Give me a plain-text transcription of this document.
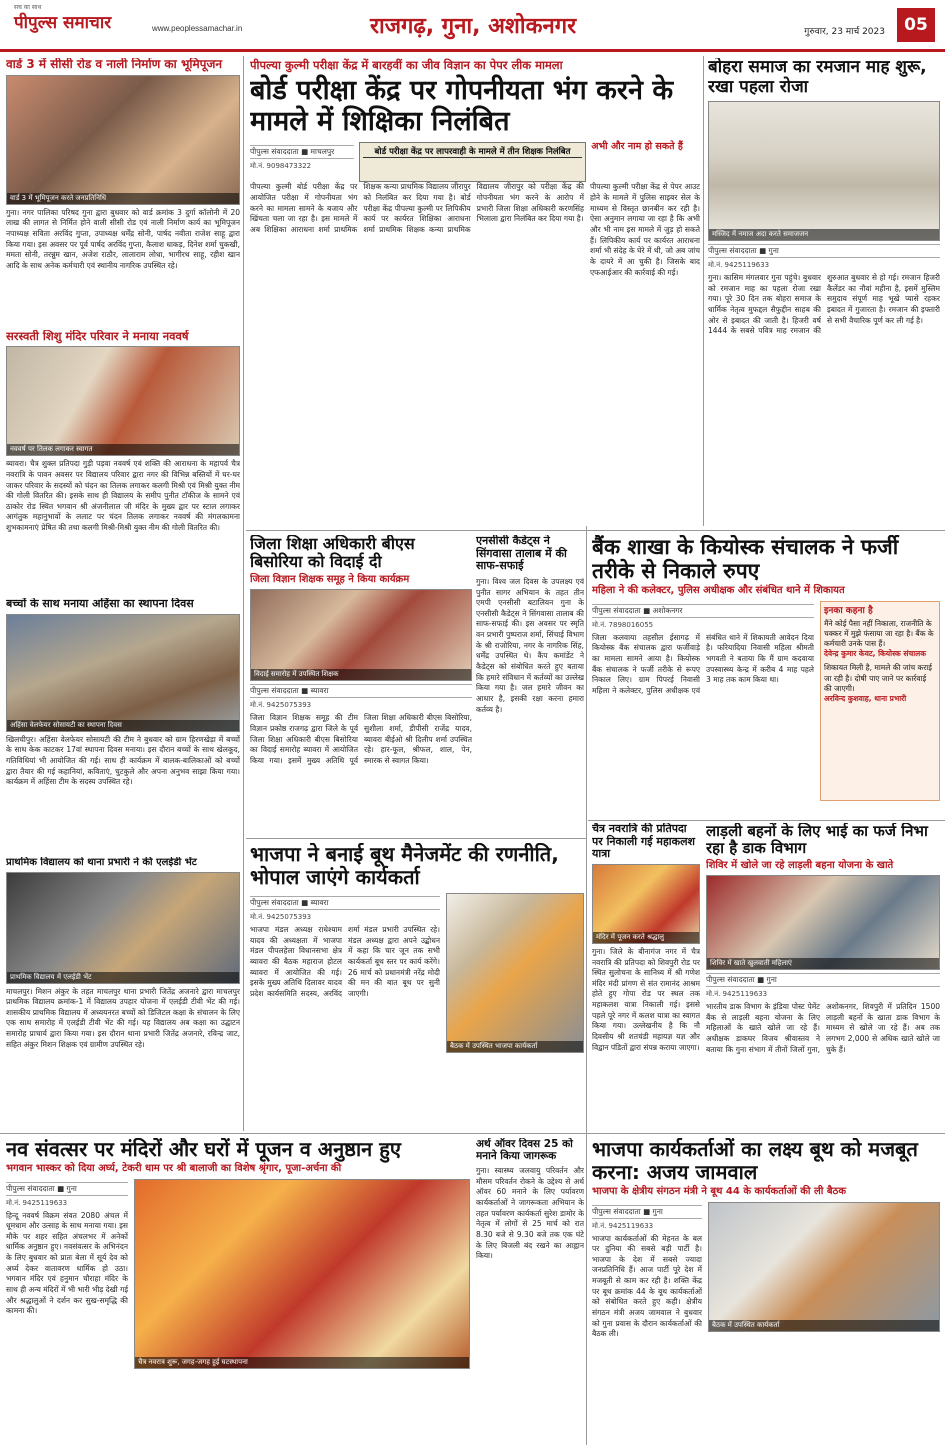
सच का साथ
पीपुल्स समाचार	www.peoplessamachar.in	राजगढ़, गुना, अशोकनगर	गुरुवार, 23 मार्च 2023	05
वार्ड 3 में सीसी रोड व नाली निर्माण का भूमिपूजन
वार्ड 3 में भूमिपूजन करते जनप्रतिनिधि
गुना। नगर पालिका परिषद गुना द्वारा बुधवार को वार्ड क्रमांक 3 दुर्गा कॉलोनी में 20 लाख की लागत से निर्मित होने वाली सीसी रोड एवं नाली निर्माण कार्य का भूमिपूजन नपाध्यक्ष सविता अरविंद गुप्ता, उपाध्यक्ष धर्मेंद्र सोनी, पार्षद नवीता राजेश साहू द्वारा किया गया। इस अवसर पर पूर्व पार्षद अरविंद गुप्ता, कैलाश धाकड़, दिनेश शर्मा चुकखी, ममता सोनी, तरन्नुम खान, अजेश राठौर, लालाराम लोधा, भागीरथ साहू, रहीश खान आदि के साथ अनेक कर्मचारी एवं स्थानीय नागरिक उपस्थित रहे।
सरस्वती शिशु मंदिर परिवार ने मनाया नववर्ष
नववर्ष पर तिलक लगाकर स्वागत
ब्यावरा। चैत्र शुक्ल प्रतिपदा गुड़ी पड़वा नववर्ष एवं शक्ति की आराधना के महापर्व चैत्र नवरात्रि के पावन अवसर पर विद्यालय परिवार द्वारा नगर की विभिन्न बस्तियों में घर-घर जाकर परिवार के सदस्यों को चंदन का तिलक लगाकर कलगी मिश्री एवं मिश्री युक्त नीम की गोली वितरित की। इसके साथ ही विद्यालय के समीप पुनीत टॉकीज के सामने एवं ठाकोर रोड स्थित भगवान श्री अंजनीलाल जी मंदिर के मुख्य द्वार पर स्टाल लगाकर आगंतुक महानुभावों के ललाट पर चंदन तिलक लगाकर नववर्ष की मंगलकामना शुभकामनाएं प्रेषित की तथा कलगी मिश्री-मिश्री युक्त नीम की गोली वितरित की।
बच्चों के साथ मनाया अहिंसा का स्थापना दिवस
अहिंसा वेलफेयर सोसायटी का स्थापना दिवस
खिलचीपुर। अहिंसा वेलफेयर सोसायटी की टीम ने बुधवार को ग्राम हिरणखेड़ा में बच्चों के साथ केक काटकर 17वां स्थापना दिवस मनाया। इस दौरान बच्चों के साथ खेलकूद, गतिविधियां भी आयोजित की गई। साथ ही कार्यक्रम में बालक-बालिकाओं को बच्चों द्वारा तैयार की गई कहानियां, कविताएं, चुटकुले और अपना अनुभव साझा किया गया। कार्यक्रम में अहिंसा टीम के सदस्य उपस्थित रहे।
प्राथमिक विद्यालय को थाना प्रभारी ने की एलईडी भेंट
प्राथमिक विद्यालय में एलईडी भेंट
माचलपुर। मिशन अंकुर के तहत माचलपुर थाना प्रभारी जितेंद्र अजनारे द्वारा माचलपुर प्राथमिक विद्यालय क्रमांक-1 में विद्यालय उपहार योजना में एलईडी टीवी भेंट की गई। शासकीय प्राथमिक विद्यालय में अध्ययनरत बच्चों को डिजिटल कक्षा के संचालन के लिए एक साथ समारोह में एलईडी टीवी भेंट की गई। यह विद्यालय अब कक्षा का उद्घाटन समारोह प्राचार्य द्वारा किया गया। इस दौरान थाना प्रभारी जितेंद्र अजनारे, रविन्द्र जाट, सहित अंकुर मिशन शिक्षक एवं ग्रामीण उपस्थित रहे।
पीपल्या कुल्मी परीक्षा केंद्र में बारहवीं का जीव विज्ञान का पेपर लीक मामला
बोर्ड परीक्षा केंद्र पर गोपनीयता भंग करने के मामले में शिक्षिका निलंबित
पीपुल्स संवाददाता ■ माचलपुर
मो.नं. 9098473322
बोर्ड परीक्षा केंद्र पर लापरवाही के मामले में तीन शिक्षक निलंबित	अभी और नाम हो सकते हैं
पीपल्या कुल्मी बोर्ड परीक्षा केंद्र पर आयोजित परीक्षा में गोपनीयता भंग करने का मामला सामने के बजाय और खिंचता चला जा रहा है। इस मामले में अब शिक्षिका आराधना शर्मा प्राथमिक शिक्षक कन्या प्राथमिक विद्यालय जीरापुर को निलंबित कर दिया गया है। बोर्ड परीक्षा केंद्र पीपल्या कुल्मी पर लिपिकीय कार्य पर कार्यरत शिक्षिका आराधना शर्मा प्राथमिक शिक्षक कन्या प्राथमिक विद्यालय जीरापुर को परीक्षा केंद्र की गोपनीयता भंग करने के आरोप में प्रभारी जिला शिक्षा अधिकारी करणसिंह भिलाला द्वारा निलंबित कर दिया गया है।
पीपल्या कुल्मी परीक्षा केंद्र से पेपर आउट होने के मामले में पुलिस साइबर सेल के माध्यम से विस्तृत छानबीन कर रही है। ऐसा अनुमान लगाया जा रहा है कि अभी और भी नाम इस मामले में जुड़ हो सकते हैं। लिपिकीय कार्य पर कार्यरत आराधना शर्मा भी संदेह के घेरे में थी, जो अब जांच के दायरे में आ चुकी है। जिसके बाद एफआईआर की कार्रवाई की गई।
बोहरा समाज का रमजान माह शुरू, रखा पहला रोजा
मस्जिद में नमाज अदा करते समाजजन
पीपुल्स संवाददाता ■ गुना
मो.नं. 9425119633
गुना। कासिम मंगलवार गुना पहुंचे। बुधवार को रमजान माह का पहला रोजा रखा गया। पूरे 30 दिन तक बोहरा समाज के धार्मिक नेतृत्व मुफद्दल सैफुद्दीन साहब की ओर से इबादत की जाती है। हिजरी वर्ष 1444 के सबसे पवित्र माह रमजान की शुरुआत बुधवार से हो गई। रमजान हिजरी कैलेंडर का नौवां महीना है, इसमें मुस्लिम समुदाय संपूर्ण माह भूखे प्यासे रहकर इबादत में गुजारता है। रमजान की इफ्तारी से सभी वैचारिक पूर्ण कर ली गई है।
जिला शिक्षा अधिकारी बीएस बिसोरिया को विदाई दी
जिला विज्ञान शिक्षक समूह ने किया कार्यक्रम
विदाई समारोह में उपस्थित शिक्षक
पीपुल्स संवाददाता ■ ब्यावरा
मो.नं. 9425075393
जिला विज्ञान शिक्षक समूह की टीम विज्ञान प्रकोष्ठ राजगढ़ द्वारा जिले के पूर्व जिला शिक्षा अधिकारी बीएस बिसोरिया का विदाई समारोह ब्यावरा में आयोजित किया गया। इसमें मुख्य अतिथि पूर्व जिला शिक्षा अधिकारी बीएस बिसोरिया, सुशीला शर्मा, डीपीसी राजेंद्र यादव, ब्यावरा बीईओ श्री दिलीप शर्मा उपस्थित रहे। हार-फूल, श्रीफल, शाल, पेन, स्मारक से स्वागत किया।
एनसीसी कैडेट्स ने सिंगवासा तालाब में की साफ-सफाई
गुना। विश्व जल दिवस के उपलक्ष्य एवं पुनीत सागर अभियान के तहत तीन एमपी एनसीसी बटालियन गुना के एनसीसी कैडेट्स ने सिंगवासा तालाब की साफ-सफाई की। इस अवसर पर स्मृति वन प्रभारी पुष्पराज शर्मा, सिंचाई विभाग के श्री राजोरिया, नगर के नागरिक सिंह, धर्मेंद्र उपस्थित थे। कैंप कमांडेंट ने कैडेट्स को संबोधित करते हुए बताया कि हमारे संविधान में कर्तव्यों का उल्लेख किया गया है। जल हमारे जीवन का आधार है, इसकी रक्षा करना हमारा कर्तव्य है।
बैंक शाखा के कियोस्क संचालक ने फर्जी तरीके से निकाले रुपए
महिला ने की कलेक्टर, पुलिस अधीक्षक और संबंधित थाने में शिकायत
पीपुल्स संवाददाता ■ अशोकनगर
मो.नं. 7898016055
जिला कलवाया तहसील ईसागढ़ में कियोस्क बैंक संचालक द्वारा फर्जीवाड़े का मामला सामने आया है। कियोस्क बैंक संचालक ने फर्जी तरीके से रूपए निकाल लिए। ग्राम पिपरई निवासी महिला ने कलेक्टर, पुलिस अधीक्षक एवं संबंधित थाने में शिकायती आवेदन दिया है। फरियादिया निवासी महिला श्रीमती भगवती ने बताया कि मैं ग्राम कदवाया उपस्वास्थ्य केन्द्र में करीब 4 माह पहले 3 माह तक काम किया था।
इनका कहना है
मैंने कोई पैसा नहीं निकाला, राजनीति के चक्कर में मुझे फंसाया जा रहा है। बैंक के कर्मचारी उनके पास हैं।
देवेन्द्र कुमार केवट, कियोस्क संचालक
शिकायत मिली है, मामले की जांच कराई जा रही है। दोषी पाए जाने पर कार्रवाई की जाएगी।
अरविन्द कुशवाह, थाना प्रभारी
भाजपा ने बनाई बूथ मैनेजमेंट की रणनीति, भोपाल जाएंगे कार्यकर्ता
पीपुल्स संवाददाता ■ ब्यावरा
मो.नं. 9425075393
भाजपा मंडल अध्यक्ष राधेश्याम यादव की अध्यक्षता में भाजपा मंडल पीपलहेला विधानसभा क्षेत्र ब्यावरा की बैठक महाराज होटल ब्यावरा में आयोजित की गई। इसके मुख्य अतिथि दिलावर यादव प्रदेश कार्यसमिति सदस्य, अरविंद शर्मा मंडल प्रभारी उपस्थित रहे। मंडल अध्यक्ष द्वारा अपने उद्बोधन में कहा कि चार जून तक सभी कार्यकर्ता बूथ स्तर पर कार्य करेंगे। 26 मार्च को प्रधानमंत्री नरेंद्र मोदी की मन की बात बूथ पर सुनी जाएगी।
बैठक में उपस्थित भाजपा कार्यकर्ता
चैत्र नवरात्रि की प्रतिपदा पर निकाली गई महाकलश यात्रा
मंदिर में पूजन करते श्रद्धालु
गुना। जिले के बीनागंज नगर में चैत्र नवरात्रि की प्रतिपदा को शिवपुरी रोड पर स्थित सुलोचना के सानिध्य में श्री गणेश मंदिर मंदी प्रांगण से संत रामानंद आश्रम होते हुए गोपा रोड पर स्थल तक महाकलश यात्रा निकाली गई। इससे पहले पूरे नगर में कलश यात्रा का स्वागत किया गया। उल्लेखनीय है कि नौ दिवसीय श्री शतचंडी महायज्ञ यज्ञ और विद्वान पंडितों द्वारा संपन्न कराया जाएगा।
लाड़ली बहनों के लिए भाई का फर्ज निभा रहा है डाक विभाग
शिविर में खोले जा रहे लाड़ली बहना योजना के खाते
शिविर में खाते खुलवाती महिलाएं
पीपुल्स संवाददाता ■ गुना
मो.नं. 9425119633
भारतीय डाक विभाग के इंडिया पोस्ट पेमेंट बैंक से लाड़ली बहना योजना के लिए महिलाओं के खाते खोले जा रहे हैं। अधीक्षक डाकघर विजय श्रीवास्तव ने बताया कि गुना संभाग में तीनों जिलों गुना, अशोकनगर, शिवपुरी में प्रतिदिन 1500 लाड़ली बहनों के खाता डाक विभाग के माध्यम से खोले जा रहे हैं। अब तक लगभग 2,000 से अधिक खाते खोले जा चुके हैं।
नव संवत्सर पर मंदिरों और घरों में पूजन व अनुष्ठान हुए
भगवान भास्कर को दिया अर्घ्य, टेकरी धाम पर श्री बालाजी का विशेष श्रृंगार, पूजा-अर्चना की
पीपुल्स संवाददाता ■ गुना
मो.नं. 9425119633
हिन्दू नववर्ष विक्रम संवत 2080 अंचल में धूमधाम और उत्साह के साथ मनाया गया। इस मौके पर शहर सहित अंचलभर में अनेकों धार्मिक अनुष्ठान हुए। नवसंवत्सर के अभिनंदन के लिए बुधवार को प्रातः बेला में सूर्य देव को अर्घ्य देकर वातावरण धार्मिक हो उठा। भगवान मंदिर एवं हनुमान चौराहा मंदिर के साथ ही अन्य मंदिरों में भी भारी भीड़ देखी गई और श्रद्धालुओं ने दर्शन कर सुख-समृद्धि की कामना की।
चैत्र नवरात्र शुरू, जगह-जगह हुई घटस्थापना
अर्थ ऑवर दिवस 25 को मनाने किया जागरूक
गुना। स्वास्थ्य जलवायु परिवर्तन और मौसम परिवर्तन रोकने के उद्देश्य से अर्थ ऑवर 60 मनाने के लिए पर्यावरण कार्यकर्ताओं ने जागरूकता अभियान के तहत पर्यावरण कार्यकर्ता सुरेश डामोर के नेतृत्व में लोगों से 25 मार्च को रात 8.30 बजे से 9.30 बजे तक एक घंटे के लिए बिजली बंद रखने का आह्वान किया।
भाजपा कार्यकर्ताओं का लक्ष्य बूथ को मजबूत करना: अजय जामवाल
भाजपा के क्षेत्रीय संगठन मंत्री ने बूथ 44 के कार्यकर्ताओं की ली बैठक
पीपुल्स संवाददाता ■ गुना
मो.नं. 9425119633
भाजपा कार्यकर्ताओं की मेहनत के बल पर दुनिया की सबसे बड़ी पार्टी है। भाजपा के देश में सबसे ज्यादा जनप्रतिनिधि हैं। आज पार्टी पूरे देश में मजबूती से काम कर रही है। शक्ति केंद्र पर बूथ क्रमांक 44 के बूथ कार्यकर्ताओं को संबोधित करते हुए कही। क्षेत्रीय संगठन मंत्री अजय जामवाल ने बुधवार को गुना प्रवास के दौरान कार्यकर्ताओं की बैठक ली।
बैठक में उपस्थित कार्यकर्ता
